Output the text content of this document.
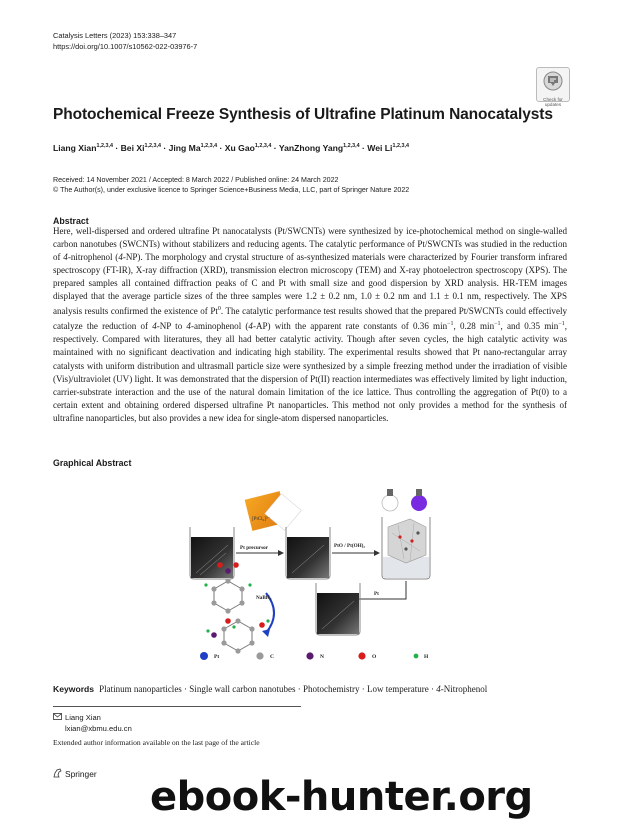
Catalysis Letters (2023) 153:338–347
https://doi.org/10.1007/s10562-022-03976-7
Check for updates
Photochemical Freeze Synthesis of Ultrafine Platinum Nanocatalysts
Liang Xian$^{1,2,3,4}$ · Bei Xi$^{1,2,3,4}$ · Jing Ma$^{1,2,3,4}$ · Xu Gao$^{1,2,3,4}$ · YanZhong Yang$^{1,2,3,4}$ · Wei Li$^{1,2,3,4}$
Received: 14 November 2021 / Accepted: 8 March 2022 / Published online: 24 March 2022
© The Author(s), under exclusive licence to Springer Science+Business Media, LLC, part of Springer Nature 2022
Abstract
Here, well-dispersed and ordered ultrafine Pt nanocatalysts (Pt/SWCNTs) were synthesized by ice-photochemical method on single-walled carbon nanotubes (SWCNTs) without stabilizers and reducing agents. The catalytic performance of Pt/SWCNTs was studied in the reduction of 4-nitrophenol (4-NP). The morphology and crystal structure of as-synthesized materials were characterized by Fourier transform infrared spectroscopy (FT-IR), X-ray diffraction (XRD), transmission electron microscopy (TEM) and X-ray photoelectron spectroscopy (XPS). The prepared samples all contained diffraction peaks of C and Pt with small size and good dispersion by XRD analysis. HR-TEM images displayed that the average particle sizes of the three samples were 1.2 ± 0.2 nm, 1.0 ± 0.2 nm and 1.1 ± 0.1 nm, respectively. The XPS analysis results confirmed the existence of Pt$^0$. The catalytic performance test results showed that the prepared Pt/SWCNTs could effectively catalyze the reduction of 4-NP to 4-aminophenol (4-AP) with the apparent rate constants of 0.36 $\min^{-1}$, 0.28 $\min^{-1}$, and 0.35 $\min^{-1}$, respectively. Compared with literatures, they all had better catalytic activity. Though after seven cycles, the high catalytic activity was maintained with no significant deactivation and indicating high stability. The experimental results showed that Pt nano-rectangular array catalysts with uniform distribution and ultrasmall particle size were synthesized by a simple freezing method under the irradiation of visible (Vis)/ultraviolet (UV) light. It was demonstrated that the dispersion of Pt(II) reaction intermediates was effectively limited by light induction, carrier-substrate interaction and the use of the natural domain limitation of the ice lattice. Thus controlling the aggregation of Pt(0) to a certain extent and obtaining ordered dispersed ultrafine Pt nanoparticles. This method not only provides a method for the synthesis of ultrafine nanoparticles, but also provides a new idea for single-atom dispersed nanoparticles.
Graphical Abstract
[PtCl₆]²⁻
Pt precursor	PtO / Pt(OH)₂
Pt
NaBH₄
Pt	C	N	O	H
Keywords Platinum nanoparticles · Single wall carbon nanotubes · Photochemistry · Low temperature · 4-Nitrophenol
Liang Xian
lxian@xbmu.edu.cn
Extended author information available on the last page of the article
Springer ebook-hunter.org
